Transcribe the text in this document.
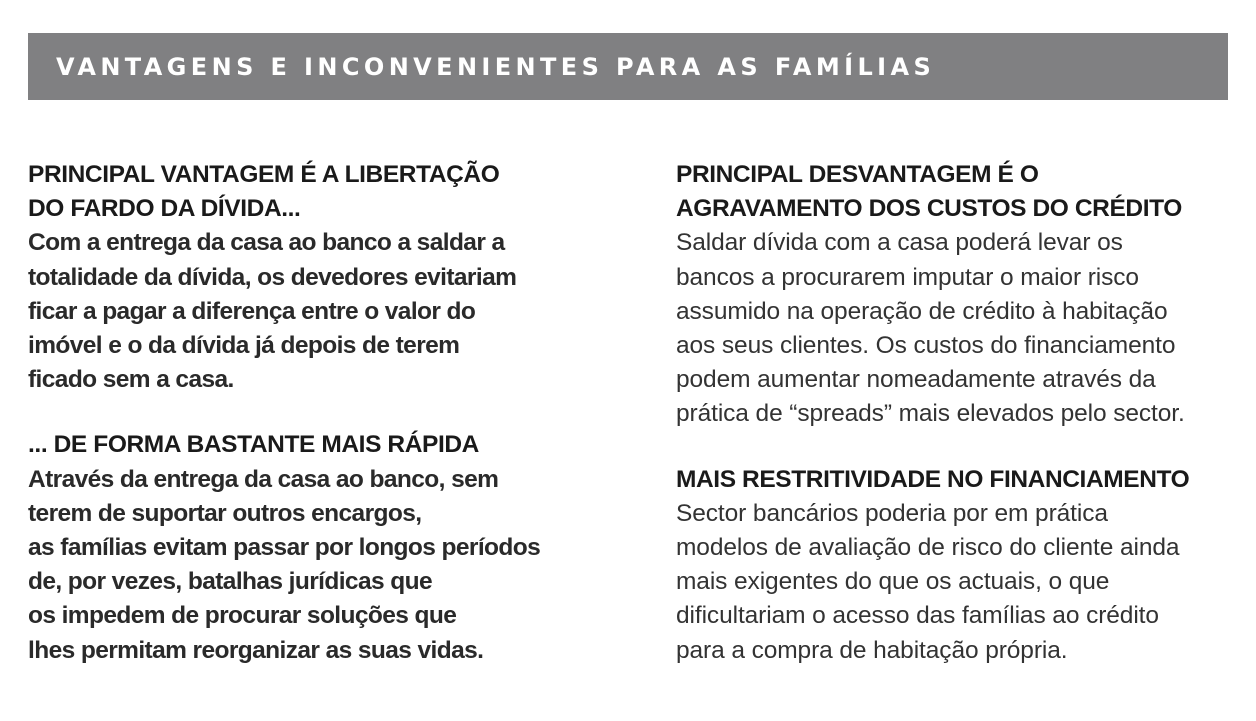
VANTAGENS E INCONVENIENTES PARA AS FAMÍLIAS
PRINCIPAL VANTAGEM É A LIBERTAÇÃO
DO FARDO DA DÍVIDA...
Com a entrega da casa ao banco a saldar a
totalidade da dívida, os devedores evitariam
ficar a pagar a diferença entre o valor do
imóvel e o da dívida já depois de terem
ficado sem a casa.
... DE FORMA BASTANTE MAIS RÁPIDA
Através da entrega da casa ao banco, sem
terem de suportar outros encargos,
as famílias evitam passar por longos períodos
de, por vezes, batalhas jurídicas que
os impedem de procurar soluções que
lhes permitam reorganizar as suas vidas.
PRINCIPAL DESVANTAGEM É O
AGRAVAMENTO DOS CUSTOS DO CRÉDITO
Saldar dívida com a casa poderá levar os
bancos a procurarem imputar o maior risco
assumido na operação de crédito à habitação
aos seus clientes. Os custos do financiamento
podem aumentar nomeadamente através da
prática de “spreads” mais elevados pelo sector.
MAIS RESTRITIVIDADE NO FINANCIAMENTO
Sector bancários poderia por em prática
modelos de avaliação de risco do cliente ainda
mais exigentes do que os actuais, o que
dificultariam o acesso das famílias ao crédito
para a compra de habitação própria.
